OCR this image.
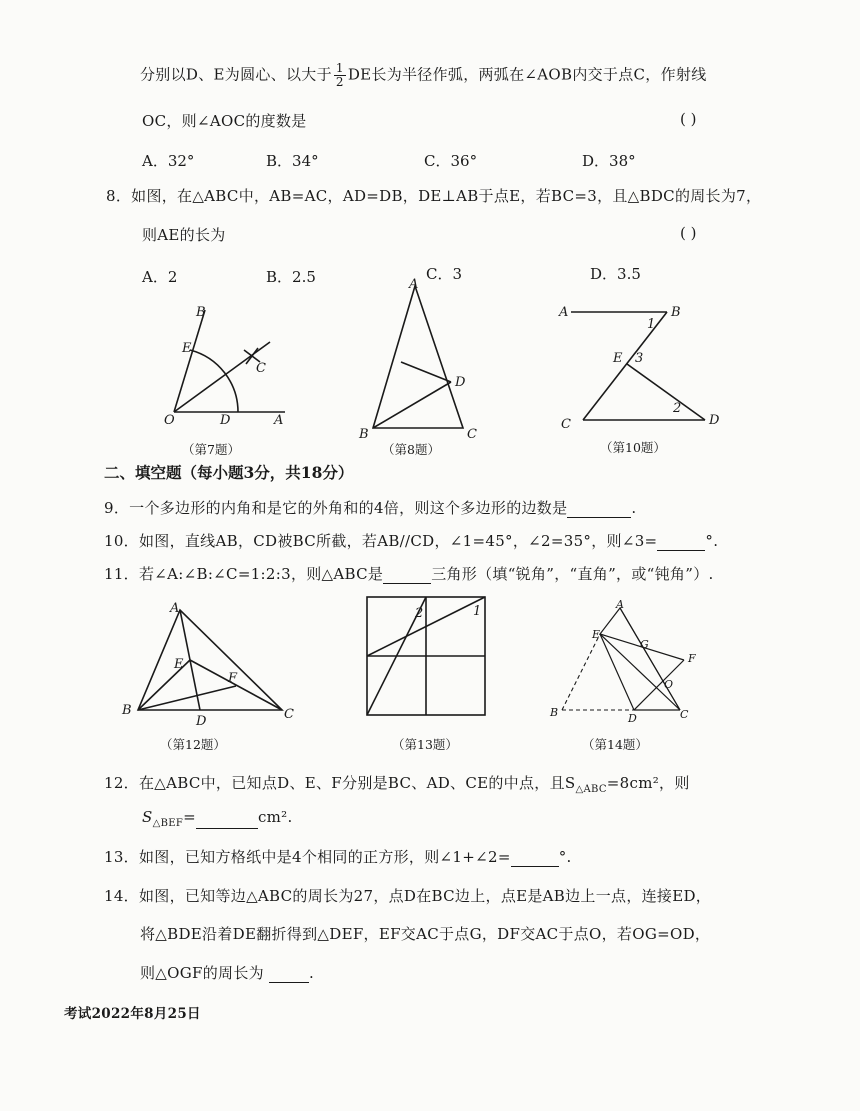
分别以D、E为圆心、以大于 $\frac{1}{2}$ DE长为半径作弧，两弧在∠AOB内交于点C，作射线
OC，则∠AOC的度数是	( )
A．32°	B．34°	C．36°	D．38°
8．如图，在△ABC中，AB=AC，AD=DB，DE⊥AB于点E，若BC=3，且△BDC的周长为7，
则AE的长为	( )
A．2	B．2.5	C．3	D．3.5
B
E
C
O	D	A
（第7题）
A
D
B	C
（第8题）
A	B
1
E 3
2
C	D
（第10题）
二、填空题（每小题3分，共18分）
9．一个多边形的内角和是它的外角和的4倍，则这个多边形的边数是	.
10．如图，直线AB，CD被BC所截，若AB//CD，∠1=45°，∠2=35°，则∠3=	°.
11．若∠A:∠B:∠C=1:2:3，则△ABC是	三角形（填“锐角”，“直角”，或“钝角”）.
A
E
F
B
D	C
（第12题）
2	1
（第13题）
A
E
G
F
O
B	D	C
（第14题）
12．在△ABC中，已知点D、E、F分别是BC、AD、CE的中点，且$S_{\triangle ABC}=8cm^2$，则
$S_{\triangle BEF}=$	cm².
13．如图，已知方格纸中是4个相同的正方形，则∠1+∠2=	°.
14．如图，已知等边△ABC的周长为27，点D在BC边上，点E是AB边上一点，连接ED，
将△BDE沿着DE翻折得到△DEF，EF交AC于点G，DF交AC于点O，若OG=OD，
则△OGF的周长为	.
考试2022年8月25日
